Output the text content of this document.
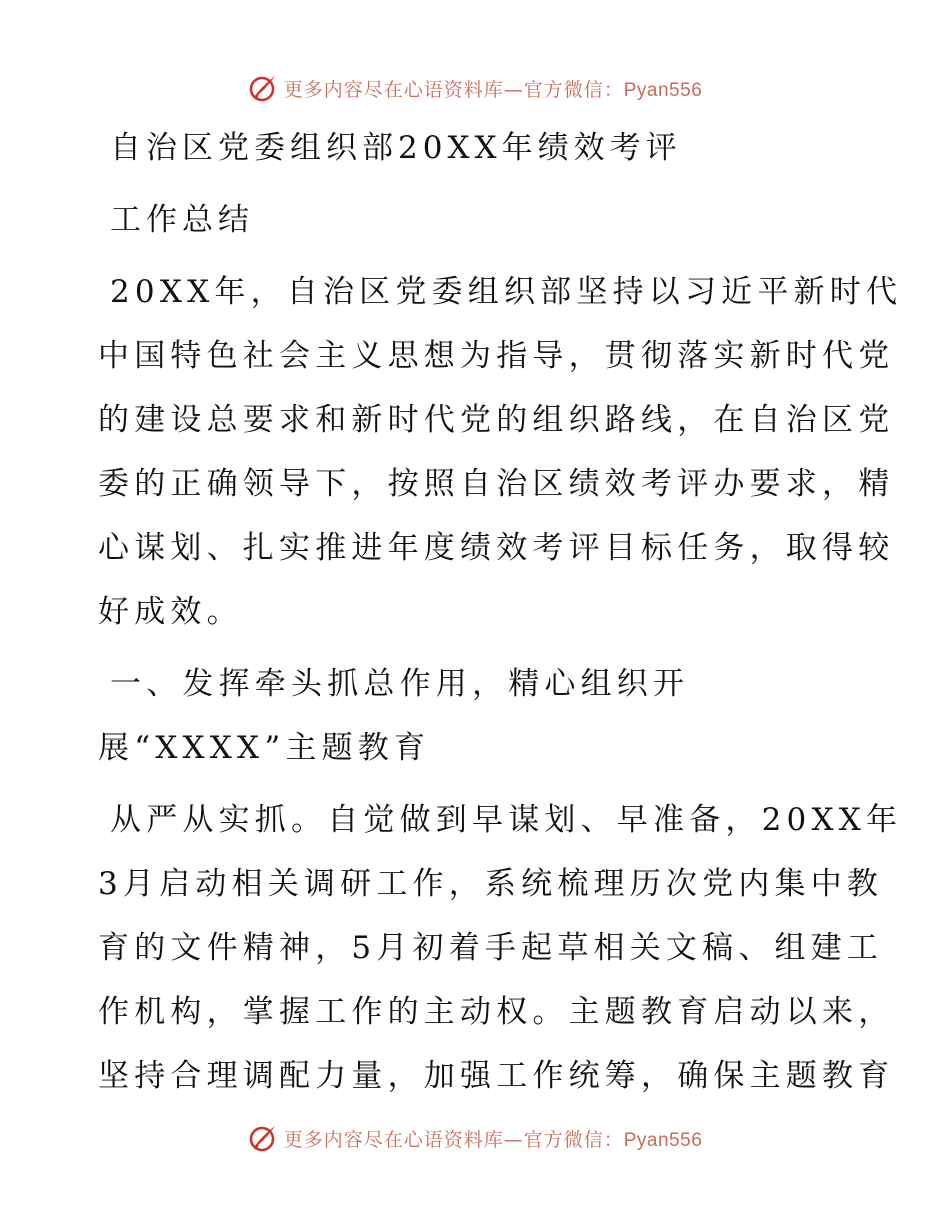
更多内容尽在心语资料库—官方微信：Pyan556
自治区党委组织部20XX年绩效考评
工作总结
20XX年，自治区党委组织部坚持以习近平新时代
中国特色社会主义思想为指导，贯彻落实新时代党
的建设总要求和新时代党的组织路线，在自治区党
委的正确领导下，按照自治区绩效考评办要求，精
心谋划、扎实推进年度绩效考评目标任务，取得较
好成效。
一、发挥牵头抓总作用，精心组织开
展“XXXX”主题教育
从严从实抓。自觉做到早谋划、早准备，20XX年
3月启动相关调研工作，系统梳理历次党内集中教
育的文件精神，5月初着手起草相关文稿、组建工
作机构，掌握工作的主动权。主题教育启动以来，
坚持合理调配力量，加强工作统筹，确保主题教育
更多内容尽在心语资料库—官方微信：Pyan556
